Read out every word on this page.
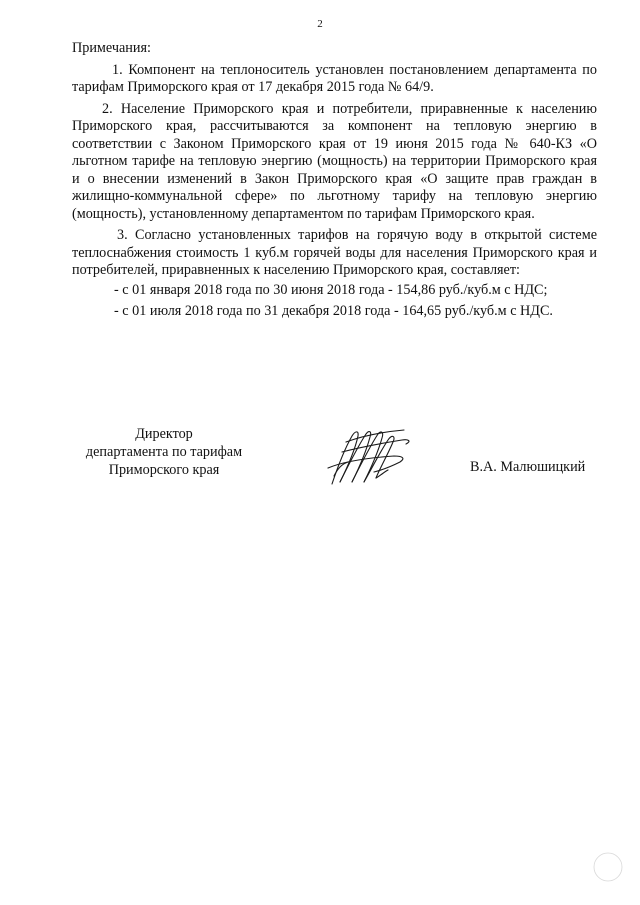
2

Примечания:

1. Компонент на теплоноситель установлен постановлением департамента по тарифам Приморского края от 17 декабря 2015 года № 64/9.

2. Население Приморского края и потребители, приравненные к населению Приморского края, рассчитываются за компонент на тепловую энергию в соответствии с Законом Приморского края от 19 июня 2015 года № 640-КЗ «О льготном тарифе на тепловую энергию (мощность) на территории Приморского края и о внесении изменений в Закон Приморского края «О защите прав граждан в жилищно-коммунальной сфере» по льготному тарифу на тепловую энергию (мощность), установленному департаментом по тарифам Приморского края.

3. Согласно установленных тарифов на горячую воду в открытой системе теплоснабжения стоимость 1 куб.м горячей воды для населения Приморского края и потребителей, приравненных к населению Приморского края, составляет:

- с 01 января 2018 года по 30 июня 2018 года - 154,86 руб./куб.м с НДС;

- с 01 июля 2018 года по 31 декабря 2018 года - 164,65 руб./куб.м с НДС.

Директор
департамента по тарифам
Приморского края	В.А. Малюшицкий
